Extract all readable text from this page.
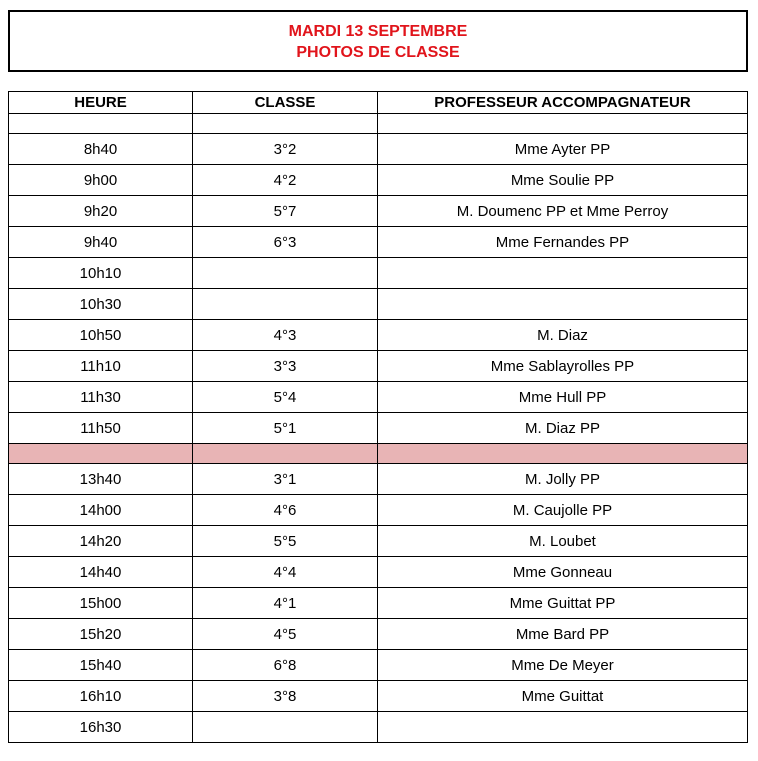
MARDI 13 SEPTEMBRE
PHOTOS DE CLASSE
HEURE	CLASSE	PROFESSEUR ACCOMPAGNATEUR

8h40	3°2	Mme Ayter PP
9h00	4°2	Mme Soulie PP
9h20	5°7	M. Doumenc PP et Mme Perroy
9h40	6°3	Mme Fernandes PP
10h10		
10h30		
10h50	4°3	M. Diaz
11h10	3°3	Mme Sablayrolles PP
11h30	5°4	Mme Hull PP
11h50	5°1	M. Diaz PP

13h40	3°1	M. Jolly PP
14h00	4°6	M. Caujolle PP
14h20	5°5	M. Loubet
14h40	4°4	Mme Gonneau
15h00	4°1	Mme Guittat PP
15h20	4°5	Mme Bard PP
15h40	6°8	Mme De Meyer
16h10	3°8	Mme Guittat
16h30		
